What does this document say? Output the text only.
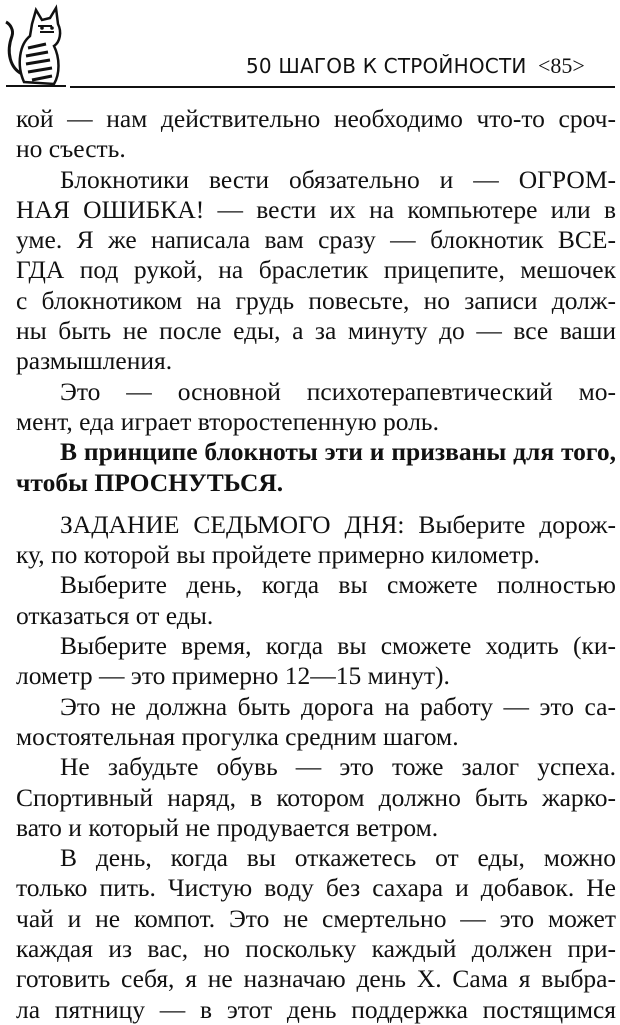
50 ШАГОВ К СТРОЙНОСТИ <85>
кой — нам действительно необходимо что-то сроч-
но съесть.
Блокнотики вести обязательно и — ОГРОМ-
НАЯ ОШИБКА! — вести их на компьютере или в
уме. Я же написала вам сразу — блокнотик ВСЕ-
ГДА под рукой, на браслетик прицепите, мешочек
с блокнотиком на грудь повесьте, но записи долж-
ны быть не после еды, а за минуту до — все ваши
размышления.
Это — основной психотерапевтический мо-
мент, еда играет второстепенную роль.
В принципе блокноты эти и призваны для того,
чтобы ПРОСНУТЬСЯ.
ЗАДАНИЕ СЕДЬМОГО ДНЯ: Выберите дорож-
ку, по которой вы пройдете примерно километр.
Выберите день, когда вы сможете полностью
отказаться от еды.
Выберите время, когда вы сможете ходить (ки-
лометр — это примерно 12—15 минут).
Это не должна быть дорога на работу — это са-
мостоятельная прогулка средним шагом.
Не забудьте обувь — это тоже залог успеха.
Спортивный наряд, в котором должно быть жарко-
вато и который не продувается ветром.
В день, когда вы откажетесь от еды, можно
только пить. Чистую воду без сахара и добавок. Не
чай и не компот. Это не смертельно — это может
каждая из вас, но поскольку каждый должен при-
готовить себя, я не назначаю день X. Сама я выбра-
ла пятницу — в этот день поддержка постящимся
